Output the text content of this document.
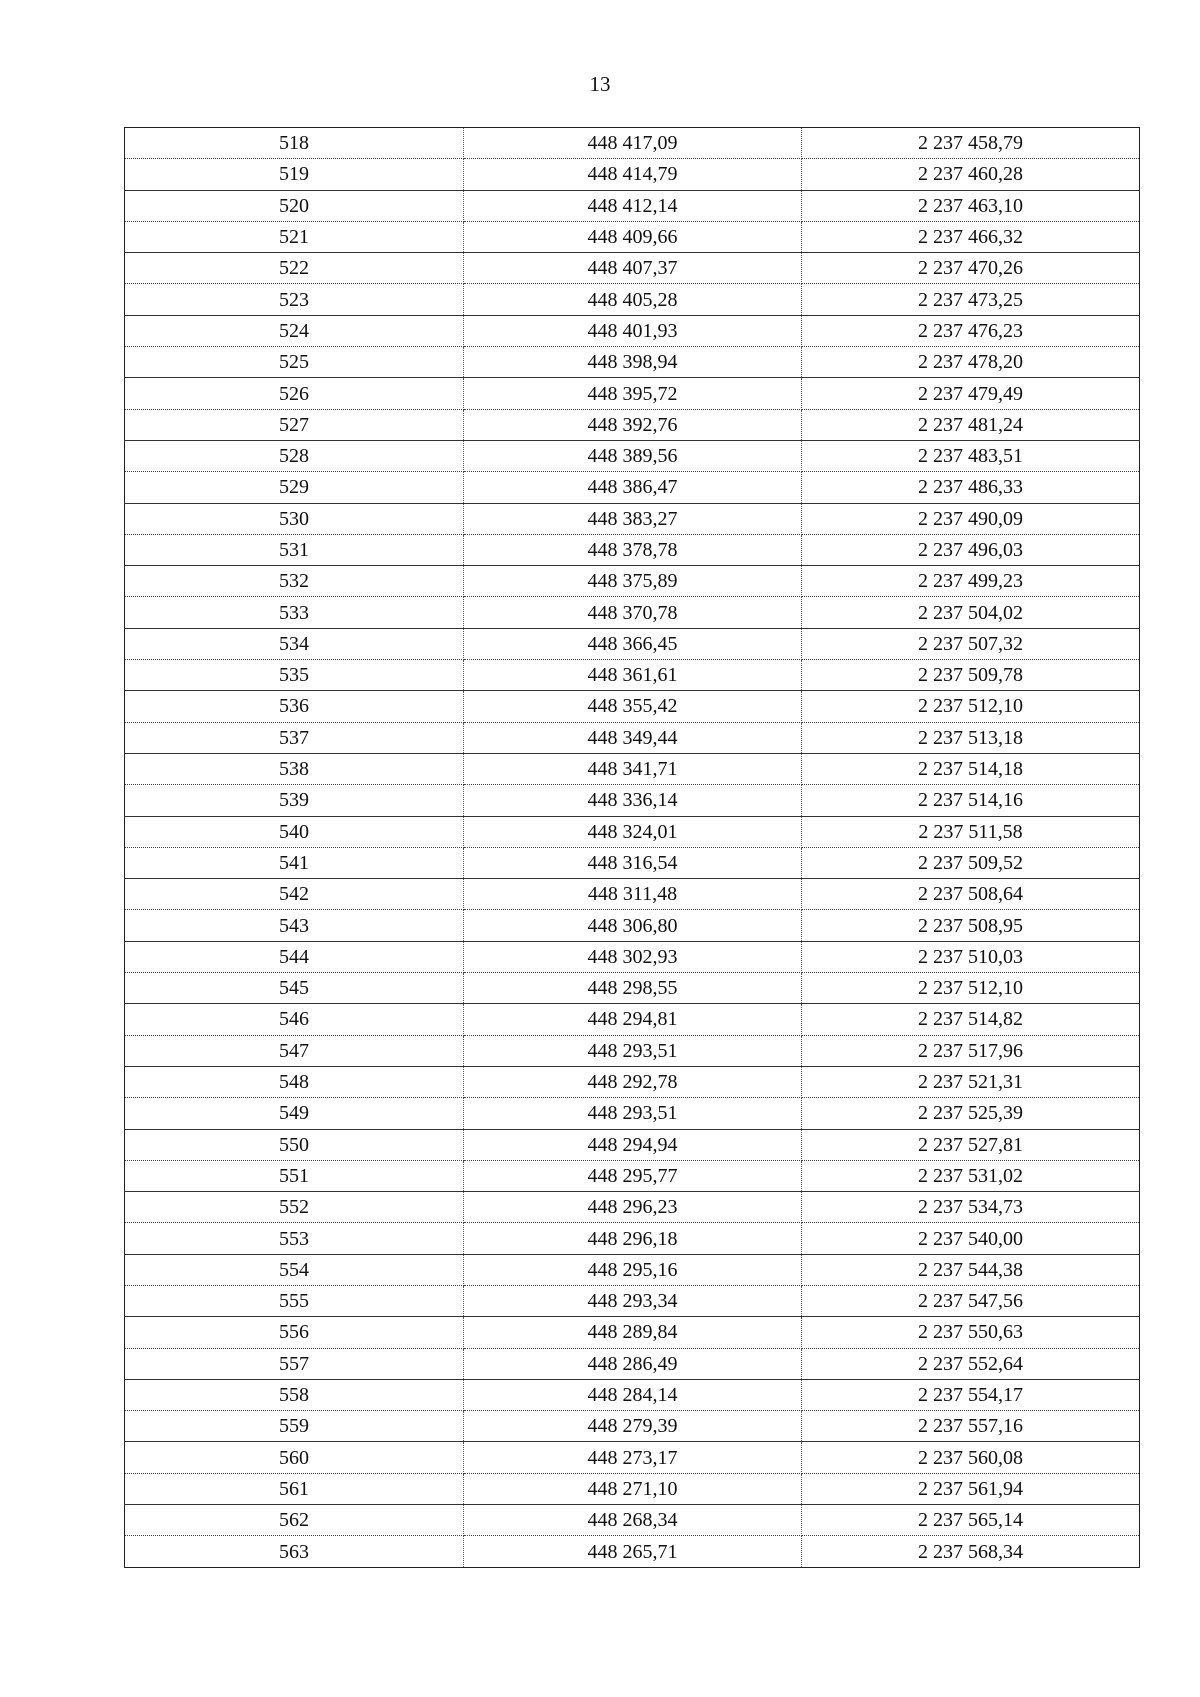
13
518	448 417,09	2 237 458,79
519	448 414,79	2 237 460,28
520	448 412,14	2 237 463,10
521	448 409,66	2 237 466,32
522	448 407,37	2 237 470,26
523	448 405,28	2 237 473,25
524	448 401,93	2 237 476,23
525	448 398,94	2 237 478,20
526	448 395,72	2 237 479,49
527	448 392,76	2 237 481,24
528	448 389,56	2 237 483,51
529	448 386,47	2 237 486,33
530	448 383,27	2 237 490,09
531	448 378,78	2 237 496,03
532	448 375,89	2 237 499,23
533	448 370,78	2 237 504,02
534	448 366,45	2 237 507,32
535	448 361,61	2 237 509,78
536	448 355,42	2 237 512,10
537	448 349,44	2 237 513,18
538	448 341,71	2 237 514,18
539	448 336,14	2 237 514,16
540	448 324,01	2 237 511,58
541	448 316,54	2 237 509,52
542	448 311,48	2 237 508,64
543	448 306,80	2 237 508,95
544	448 302,93	2 237 510,03
545	448 298,55	2 237 512,10
546	448 294,81	2 237 514,82
547	448 293,51	2 237 517,96
548	448 292,78	2 237 521,31
549	448 293,51	2 237 525,39
550	448 294,94	2 237 527,81
551	448 295,77	2 237 531,02
552	448 296,23	2 237 534,73
553	448 296,18	2 237 540,00
554	448 295,16	2 237 544,38
555	448 293,34	2 237 547,56
556	448 289,84	2 237 550,63
557	448 286,49	2 237 552,64
558	448 284,14	2 237 554,17
559	448 279,39	2 237 557,16
560	448 273,17	2 237 560,08
561	448 271,10	2 237 561,94
562	448 268,34	2 237 565,14
563	448 265,71	2 237 568,34
